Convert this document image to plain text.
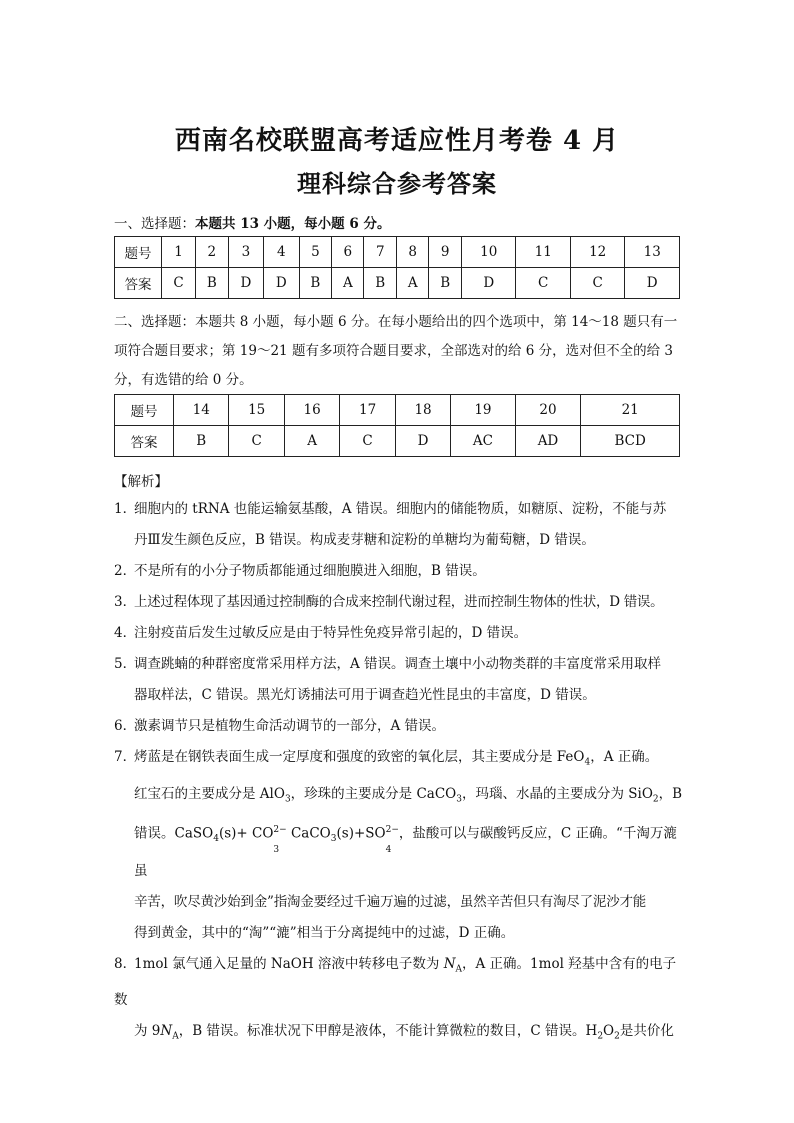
西南名校联盟高考适应性月考卷 4 月
理科综合参考答案
一、选择题：本题共 13 小题，每小题 6 分。
题号	1	2	3	4	5	6	7	8	9	10	11	12	13
答案	C	B	D	D	B	A	B	A	B	D	C	C	D
二、选择题：本题共 8 小题，每小题 6 分。在每小题给出的四个选项中，第 14～18 题只有一项符合题目要求；第 19～21 题有多项符合题目要求，全部选对的给 6 分，选对但不全的给 3 分，有选错的给 0 分。
题号	14	15	16	17	18	19	20	21
答案	B	C	A	C	D	AC	AD	BCD
【解析】
1．细胞内的 tRNA 也能运输氨基酸，A 错误。细胞内的储能物质，如糖原、淀粉，不能与苏
丹Ⅲ发生颜色反应，B 错误。构成麦芽糖和淀粉的单糖均为葡萄糖，D 错误。
2．不是所有的小分子物质都能通过细胞膜进入细胞，B 错误。
3．上述过程体现了基因通过控制酶的合成来控制代谢过程，进而控制生物体的性状，D 错误。
4．注射疫苗后发生过敏反应是由于特异性免疫异常引起的，D 错误。
5．调查跳蝻的种群密度常采用样方法，A 错误。调查土壤中小动物类群的丰富度常采用取样
器取样法，C 错误。黑光灯诱捕法可用于调查趋光性昆虫的丰富度，D 错误。
6．激素调节只是植物生命活动调节的一部分，A 错误。
7．烤蓝是在钢铁表面生成一定厚度和强度的致密的氧化层，其主要成分是 FeO$_4$，A 正确。
红宝石的主要成分是 AlO$_3$，珍珠的主要成分是 CaCO$_3$，玛瑙、水晶的主要成分为 SiO$_2$，B
错误。CaSO$_4$(s)+ CO
$^{3 2-}$ CaCO$_3$(s)+SO
$^{4 2-}$，盐酸可以与碳酸钙反应，C 正确。“千淘万漉虽
辛苦，吹尽黄沙始到金”指淘金要经过千遍万遍的过滤，虽然辛苦但只有淘尽了泥沙才能
得到黄金，其中的“淘”“漉”相当于分离提纯中的过滤，D 正确。
8．1mol 氯气通入足量的 NaOH 溶液中转移电子数为 $N_A$，A 正确。1mol 羟基中含有的电子数
为 $9N_A$，B 错误。标准状况下甲醇是液体，不能计算微粒的数目，C 错误。$H_2O_2$是共价化
